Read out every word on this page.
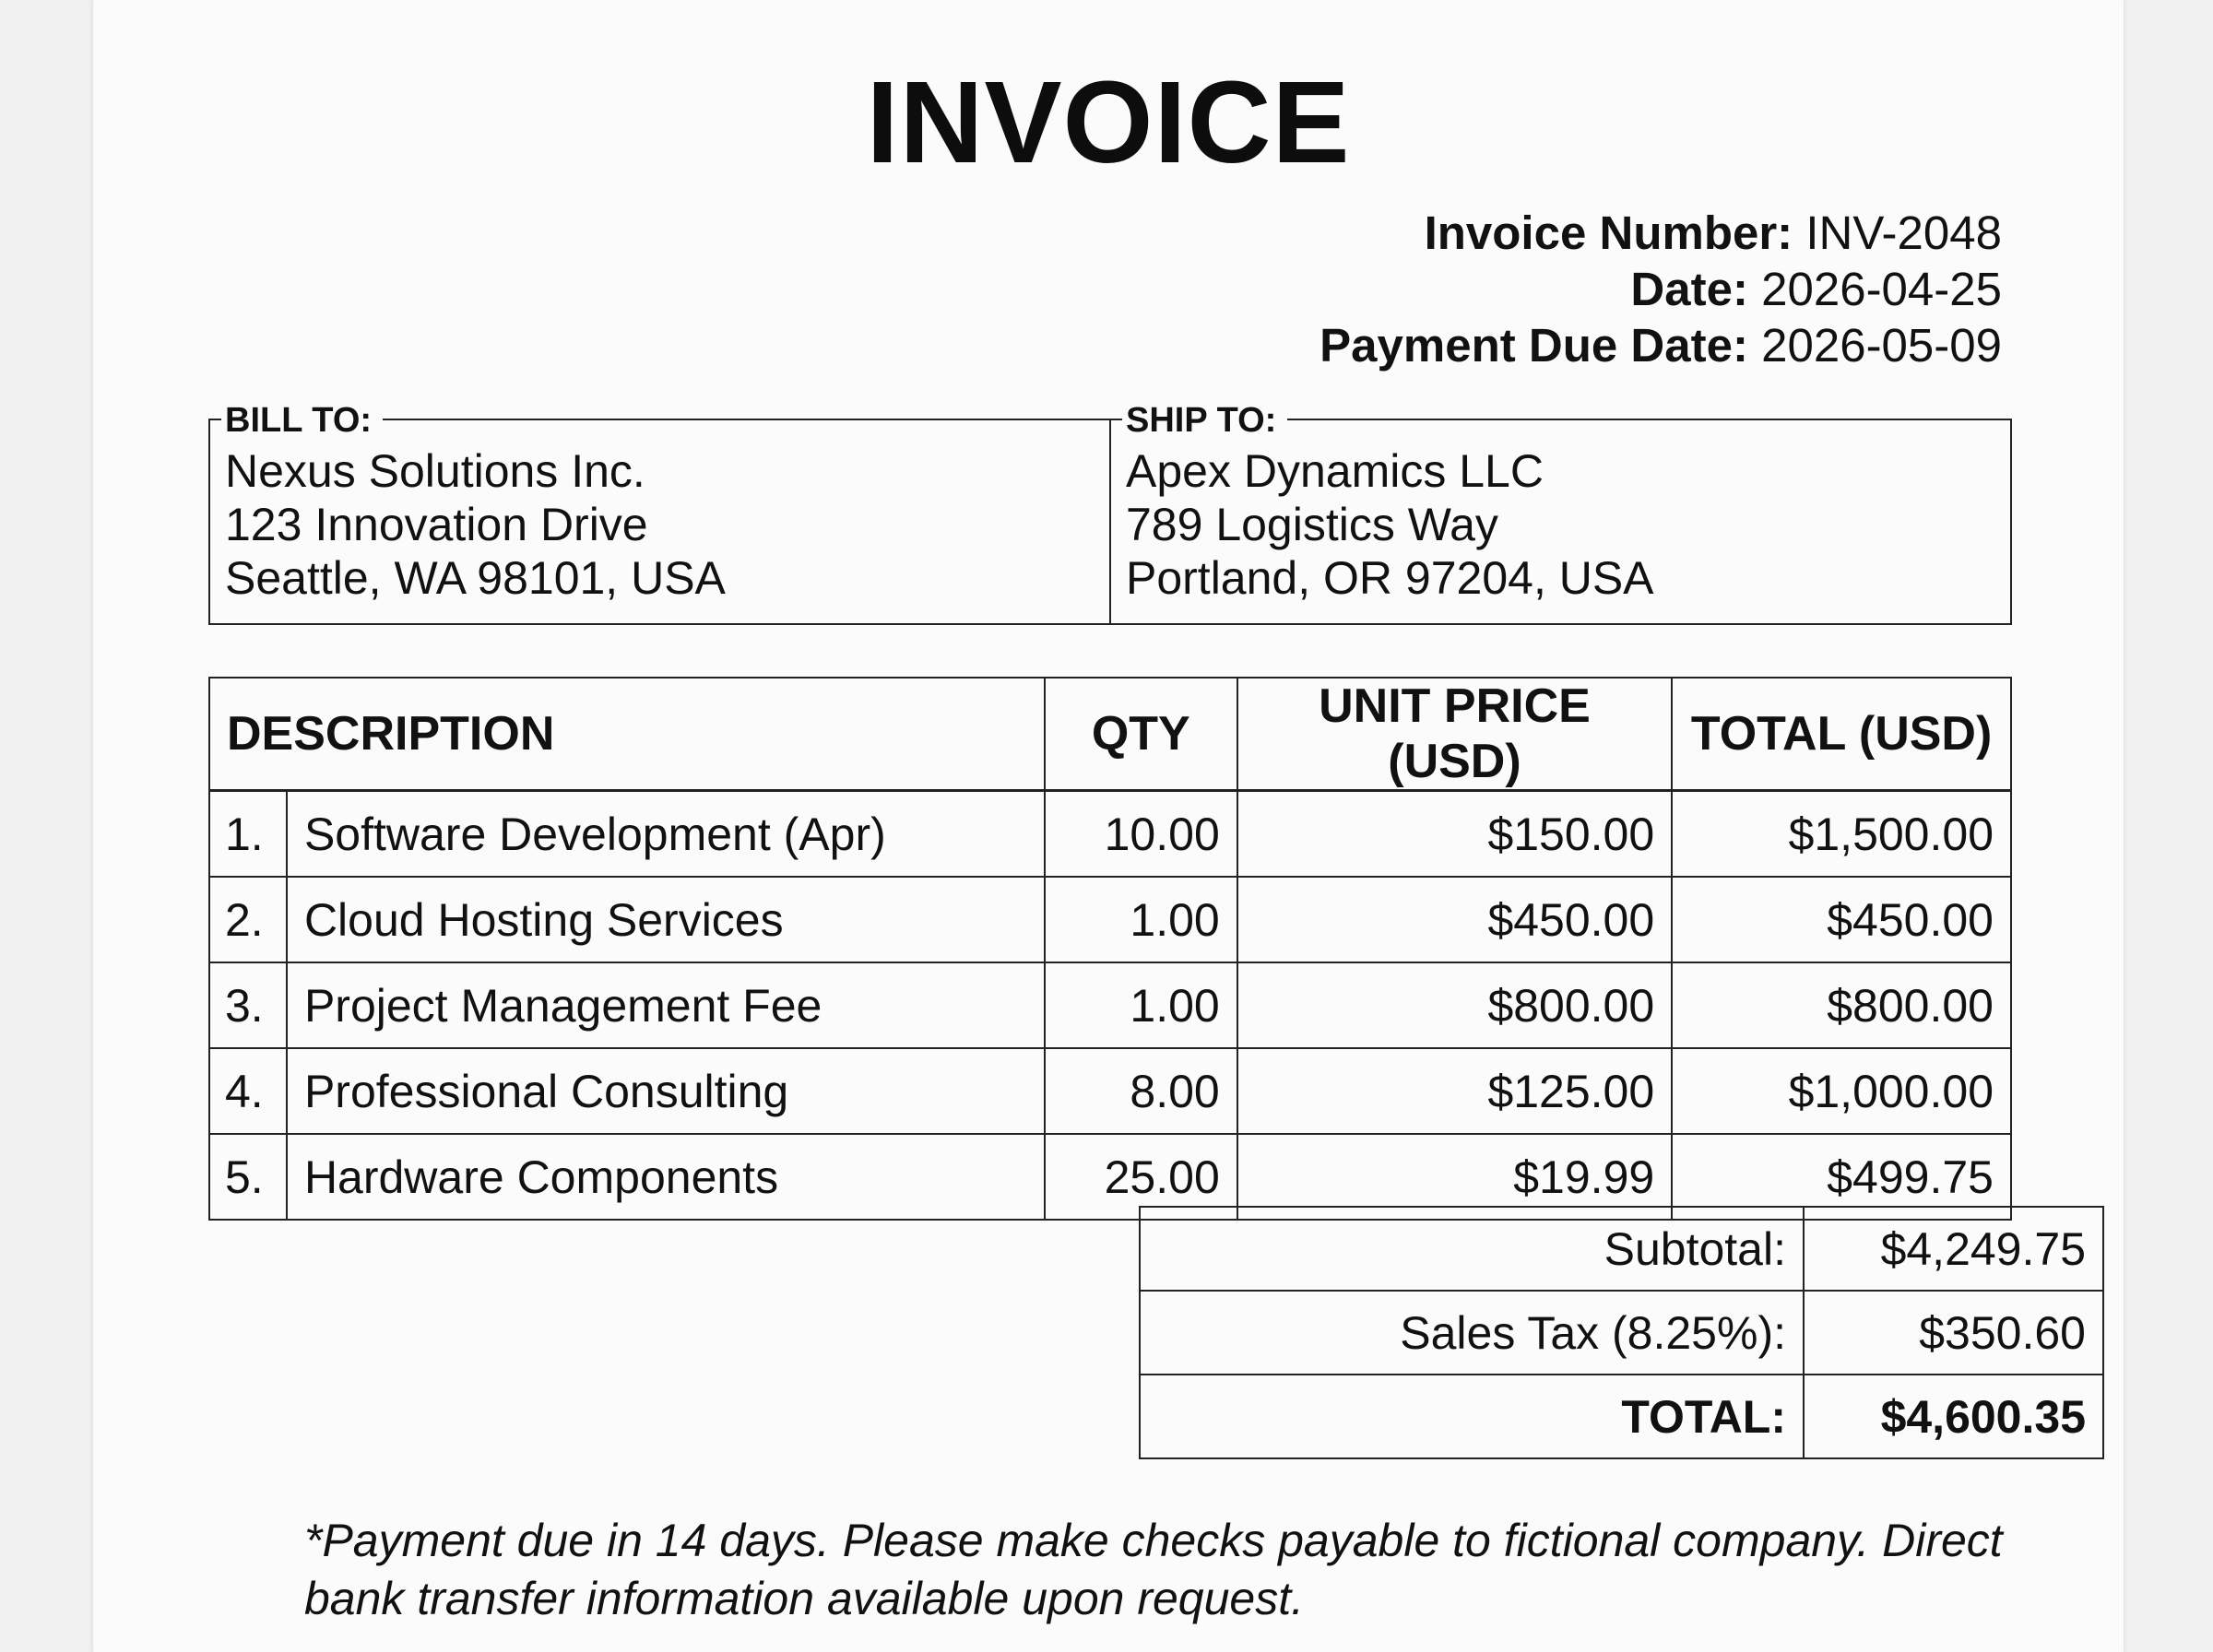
INVOICE
Invoice Number: INV-2048
Date: 2026-04-25
Payment Due Date: 2026-05-09
BILL TO:
Nexus Solutions Inc.
123 Innovation Drive
Seattle, WA 98101, USA
SHIP TO:
Apex Dynamics LLC
789 Logistics Way
Portland, OR 97204, USA
DESCRIPTION		QTY	UNIT PRICE (USD)	TOTAL (USD)
1.	Software Development (Apr)	10.00	$150.00	$1,500.00
2.	Cloud Hosting Services	1.00	$450.00	$450.00
3.	Project Management Fee	1.00	$800.00	$800.00
4.	Professional Consulting	8.00	$125.00	$1,000.00
5.	Hardware Components	25.00	$19.99	$499.75
Subtotal:	$4,249.75
Sales Tax (8.25%):	$350.60
TOTAL:	$4,600.35
*Payment due in 14 days. Please make checks payable to fictional company. Direct bank transfer information available upon request.
